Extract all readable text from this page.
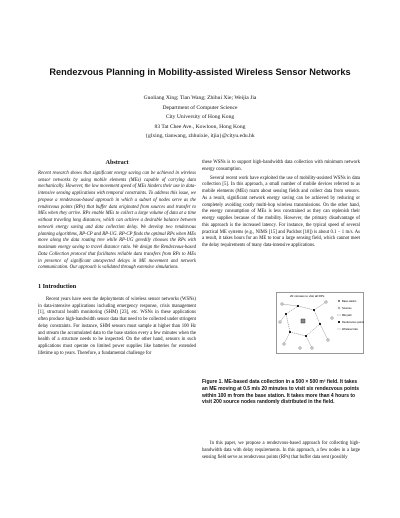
Rendezvous Planning in Mobility-assisted Wireless Sensor Networks
Guoliang Xing; Tian Wang; Zhihui Xie; Weijia Jia
Department of Computer Science
City University of Hong Kong
83 Tat Chee Ave., Kowloon, Hong Kong
{glxing, tianwang, zhhuixie, itjia}@cityu.edu.hk
Abstract
Recent research shows that significant energy saving can be achieved in wireless sensor networks by using mobile elements (MEs) capable of carrying data mechanically. However, the low movement speed of MEs hinders their use in data-intensive sensing applications with temporal constraints. To address this issue, we propose a rendezvous-based approach in which a subset of nodes serve as the rendezvous points (RPs) that buffer data originated from sources and transfer to MEs when they arrive. RPs enable MEs to collect a large volume of data at a time without traveling long distances, which can achieve a desirable balance between network energy saving and data collection delay. We develop two rendezvous planning algorithms, RP-CP and RP-UG. RP-CP finds the optimal RPs when MEs move along the data routing tree while RP-UG greedily chooses the RPs with maximum energy saving to travel distance ratio. We design the Rendezvous-based Data Collection protocol that facilitates reliable data transfers from RPs to MEs in presence of significant unexpected delays in ME movement and network communication. Our approach is validated through extensive simulations.
1 Introduction

Recent years have seen the deployments of wireless sensor networks (WSNs) in data-intensive applications including emergency response, crisis management [1], structural health monitoring (SHM) [23], etc. WSNs in these applications often produce high-bandwidth sensor data that need to be collected under stringent delay constraints. For instance, SHM sensors must sample at higher than 100 Hz and stream the accumulated data to the base station every a few minutes when the health of a structure needs to be inspected. On the other hand, sensors in such applications must operate on limited power supplies like batteries for extended lifetime up to years. Therefore, a fundamental challenge for

these WSNs is to support high-bandwidth data collection with minimum network energy consumption.

Several recent work have exploited the use of mobility-assisted WSNs in data collection [5]. In this approach, a small number of mobile devices referred to as mobile elements (MEs) roam about sensing fields and collect data from sensors. As a result, significant network energy saving can be achieved by reducing or completely avoiding costly multi-hop wireless transmissions. On the other hand, the energy consumption of MEs is less constrained as they can replenish their energy supplies because of the mobility. However, the primary disadvantage of this approach is the increased latency. For instance, the typical speed of several practical ME systems (e.g., NIMS [15] and Packbot [18]) is about 0.1 − 1 m/s. As a result, it takes hours for an ME to tour a large sensing field, which cannot meet the delay requirements of many data-intensive applications.

20 minutes to visit all RPs
Base station
Sources
ME path
Rendezvous points
Wireless links
Figure 1. ME-based data collection in a 500 × 500 m² field. It takes an ME moving at 0.5 m/s 20 minutes to visit six rendezvous points within 100 m from the base station. It takes more than 4 hours to visit 200 source nodes randomly distributed in the field.

In this paper, we propose a rendezvous-based approach for collecting high-bandwidth data with delay requirements. In this approach, a few nodes in a large sensing field serve as rendezvous points (RPs) that buffer data sent (possibly
